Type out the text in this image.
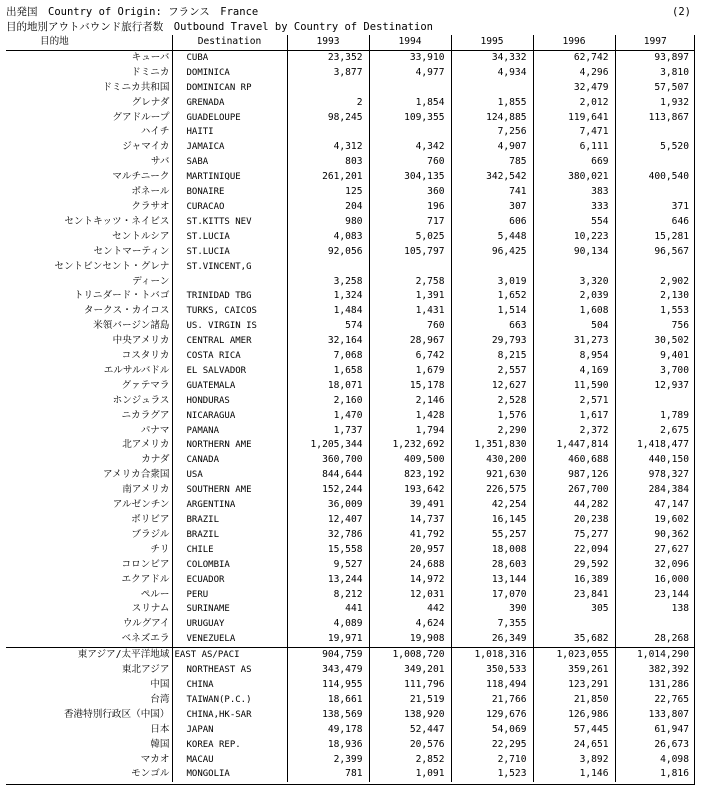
出発国　Country of Origin: フランス　France	(2)
目的地別アウトバウンド旅行者数　Outbound Travel by Country of Destination
目的地	Destination	1993	1994	1995	1996	1997
キューバ	CUBA	23,352	33,910	34,332	62,742	93,897
ドミニカ	DOMINICA	3,877	4,977	4,934	4,296	3,810
ドミニカ共和国	DOMINICAN RP				32,479	57,507
グレナダ	GRENADA	2	1,854	1,855	2,012	1,932
グアドループ	GUADELOUPE	98,245	109,355	124,885	119,641	113,867
ハイチ	HAITI			7,256	7,471	
ジャマイカ	JAMAICA	4,312	4,342	4,907	6,111	5,520
サバ	SABA	803	760	785	669	
マルチニーク	MARTINIQUE	261,201	304,135	342,542	380,021	400,540
ボネール	BONAIRE	125	360	741	383	
クラサオ	CURACAO	204	196	307	333	371
セントキッツ・ネイビス	ST.KITTS NEV	980	717	606	554	646
セントルシア	ST.LUCIA	4,083	5,025	5,448	10,223	15,281
セントマーティン	ST.LUCIA	92,056	105,797	96,425	90,134	96,567
セントビンセント・グレナ	ST.VINCENT,G					
ディーン		3,258	2,758	3,019	3,320	2,902
トリニダード・トバゴ	TRINIDAD TBG	1,324	1,391	1,652	2,039	2,130
タークス・カイコス	TURKS, CAICOS	1,484	1,431	1,514	1,608	1,553
米領バージン諸島	US. VIRGIN IS	574	760	663	504	756
中央アメリカ	CENTRAL AMER	32,164	28,967	29,793	31,273	30,502
コスタリカ	COSTA RICA	7,068	6,742	8,215	8,954	9,401
エルサルバドル	EL SALVADOR	1,658	1,679	2,557	4,169	3,700
グァテマラ	GUATEMALA	18,071	15,178	12,627	11,590	12,937
ホンジュラス	HONDURAS	2,160	2,146	2,528	2,571	
ニカラグア	NICARAGUA	1,470	1,428	1,576	1,617	1,789
パナマ	PAMANA	1,737	1,794	2,290	2,372	2,675
北アメリカ	NORTHERN AME	1,205,344	1,232,692	1,351,830	1,447,814	1,418,477
カナダ	CANADA	360,700	409,500	430,200	460,688	440,150
アメリカ合衆国	USA	844,644	823,192	921,630	987,126	978,327
南アメリカ	SOUTHERN AME	152,244	193,642	226,575	267,700	284,384
アルゼンチン	ARGENTINA	36,009	39,491	42,254	44,282	47,147
ボリビア	BRAZIL	12,407	14,737	16,145	20,238	19,602
ブラジル	BRAZIL	32,786	41,792	55,257	75,277	90,362
チリ	CHILE	15,558	20,957	18,008	22,094	27,627
コロンビア	COLOMBIA	9,527	24,688	28,603	29,592	32,096
エクアドル	ECUADOR	13,244	14,972	13,144	16,389	16,000
ペルー	PERU	8,212	12,031	17,070	23,841	23,144
スリナム	SURINAME	441	442	390	305	138
ウルグアイ	URUGUAY	4,089	4,624	7,355		
ベネズエラ	VENEZUELA	19,971	19,908	26,349	35,682	28,268
東アジア/太平洋地域	EAST AS/PACI	904,759	1,008,720	1,018,316	1,023,055	1,014,290
東北アジア	NORTHEAST AS	343,479	349,201	350,533	359,261	382,392
中国	CHINA	114,955	111,796	118,494	123,291	131,286
台湾	TAIWAN(P.C.)	18,661	21,519	21,766	21,850	22,765
香港特別行政区（中国）	CHINA,HK-SAR	138,569	138,920	129,676	126,986	133,807
日本	JAPAN	49,178	52,447	54,069	57,445	61,947
韓国	KOREA REP.	18,936	20,576	22,295	24,651	26,673
マカオ	MACAU	2,399	2,852	2,710	3,892	4,098
モンゴル	MONGOLIA	781	1,091	1,523	1,146	1,816
